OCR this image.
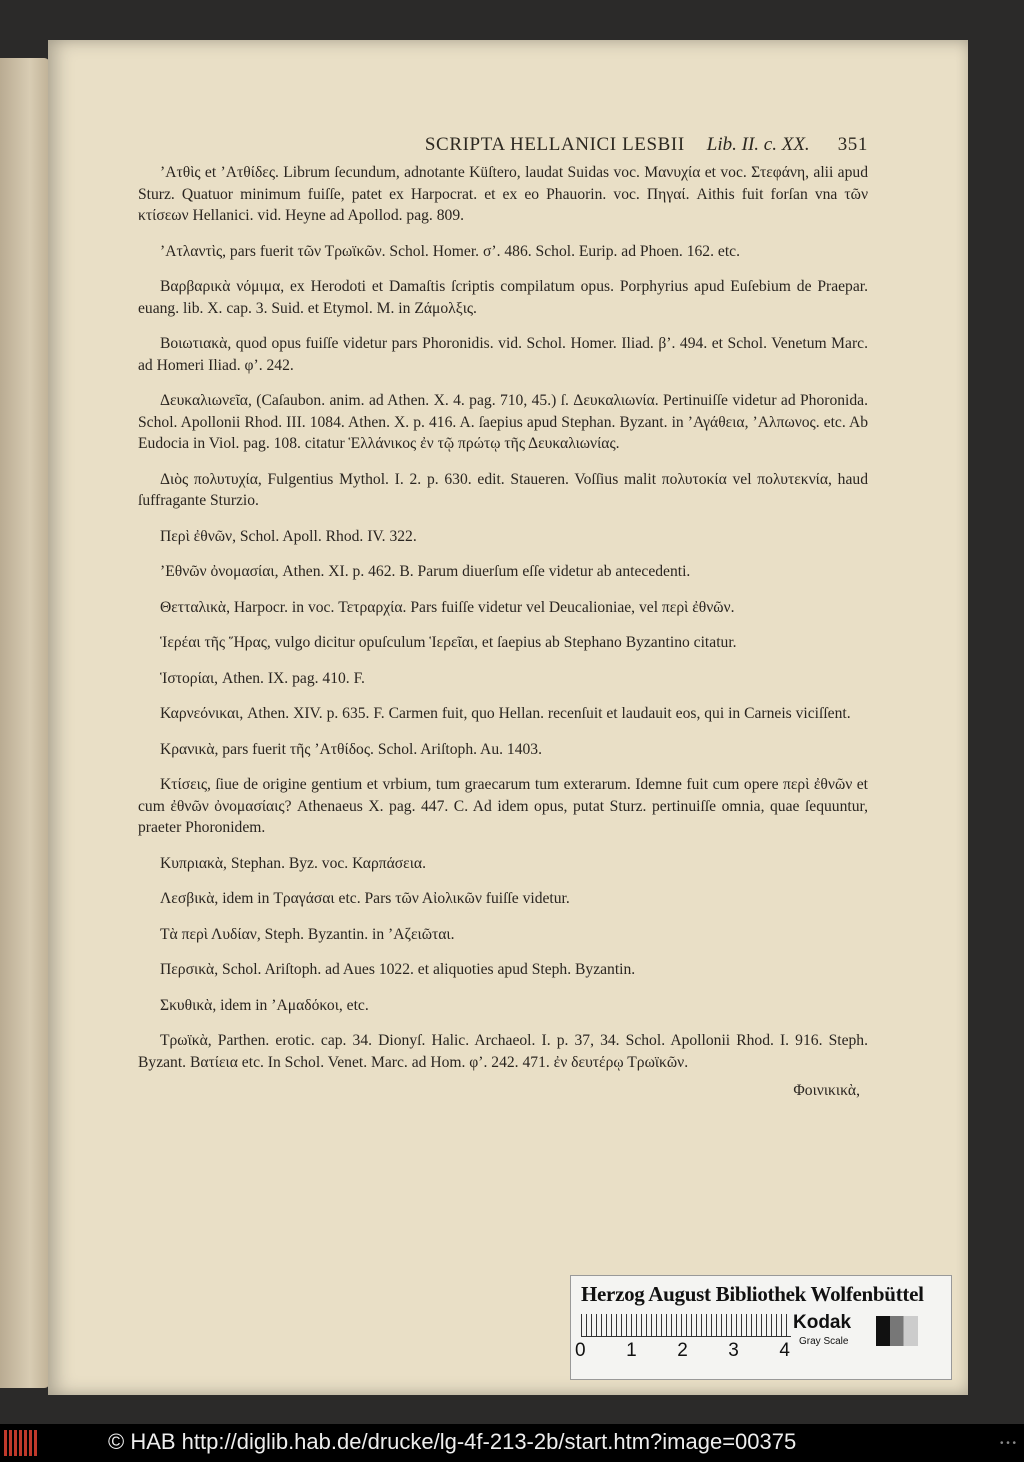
SCRIPTA HELLANICI LESBII Lib. II. c. XX. 351

’Ατθὶς et ’Ατθίδες. Librum ſecundum, adnotante Küſtero, laudat Suidas voc. Μανυχία et voc. Στεφάνη, alii apud Sturz. Quatuor minimum fuiſſe, patet ex Harpocrat. et ex eo Phauorin. voc. Πηγαί. Aithis fuit forſan vna τῶν κτίσεων Hellanici. vid. Heyne ad Apollod. pag. 809.

’Ατλαντὶς, pars fuerit τῶν Τρωϊκῶν. Schol. Homer. σ’. 486. Schol. Eurip. ad Phoen. 162. etc.

Βαρβαρικὰ νόμιμα, ex Herodoti et Damaſtis ſcriptis compilatum opus. Porphyrius apud Euſebium de Praepar. euang. lib. X. cap. 3. Suid. et Etymol. M. in Ζάμολξις.

Βοιωτιακὰ, quod opus fuiſſe videtur pars Phoronidis. vid. Schol. Homer. Iliad. β’. 494. et Schol. Venetum Marc. ad Homeri Iliad. φ’. 242.

Δευκαλιωνεῖα, (Caſaubon. anim. ad Athen. X. 4. pag. 710, 45.) ſ. Δευκαλιωνία. Pertinuiſſe videtur ad Phoronida. Schol. Apollonii Rhod. III. 1084. Athen. X. p. 416. A. ſaepius apud Stephan. Byzant. in ’Αγάθεια, ’Αλπωνος. etc. Ab Eudocia in Viol. pag. 108. citatur Ἑλλάνικος ἐν τῷ πρώτῳ τῆς Δευκαλιωνίας.

Διὸς πολυτυχία, Fulgentius Mythol. I. 2. p. 630. edit. Staueren. Voſſius malit πολυτοκία vel πολυτεκνία, haud ſuffragante Sturzio.

Περὶ ἐθνῶν, Schol. Apoll. Rhod. IV. 322.

’Εθνῶν ὀνομασίαι, Athen. XI. p. 462. B. Parum diuerſum eſſe videtur ab antecedenti.

Θετταλικὰ, Harpocr. in voc. Τετραρχία. Pars fuiſſe videtur vel Deucalioniae, vel περὶ ἐθνῶν.

Ἱερέαι τῆς Ἥρας, vulgo dicitur opuſculum Ἱερεῖαι, et ſaepius ab Stephano Byzantino citatur.

Ἱστορίαι, Athen. IX. pag. 410. F.

Καρνεόνικαι, Athen. XIV. p. 635. F. Carmen fuit, quo Hellan. recenſuit et laudauit eos, qui in Carneis viciſſent.

Κρανικὰ, pars fuerit τῆς ’Ατθίδος. Schol. Ariſtoph. Au. 1403.

Κτίσεις, ſiue de origine gentium et vrbium, tum graecarum tum exterarum. Idemne fuit cum opere περὶ ἐθνῶν et cum ἐθνῶν ὀνομασίαις? Athenaeus X. pag. 447. C. Ad idem opus, putat Sturz. pertinuiſſe omnia, quae ſequuntur, praeter Phoronidem.

Κυπριακὰ, Stephan. Byz. voc. Καρπάσεια.

Λεσβικὰ, idem in Τραγάσαι etc. Pars τῶν Αἰολικῶν fuiſſe videtur.

Τὰ περὶ Λυδίαν, Steph. Byzantin. in ’Αζειῶται.

Περσικὰ, Schol. Ariſtoph. ad Aues 1022. et aliquoties apud Steph. Byzantin.

Σκυθικὰ, idem in ’Αμαδόκοι, etc.

Τρωϊκὰ, Parthen. erotic. cap. 34. Dionyſ. Halic. Archaeol. I. p. 37, 34. Schol. Apollonii Rhod. I. 916. Steph. Byzant. Βατίεια etc. In Schol. Venet. Marc. ad Hom. φ’. 242. 471. ἐν δευτέρῳ Τρωϊκῶν.

Φοινικικὰ,
Herzog August Bibliothek Wolfenbüttel
0 1 2 3 4
Kodak
Gray Scale
© HAB http://diglib.hab.de/drucke/lg-4f-213-2b/start.htm?image=00375	• • •
